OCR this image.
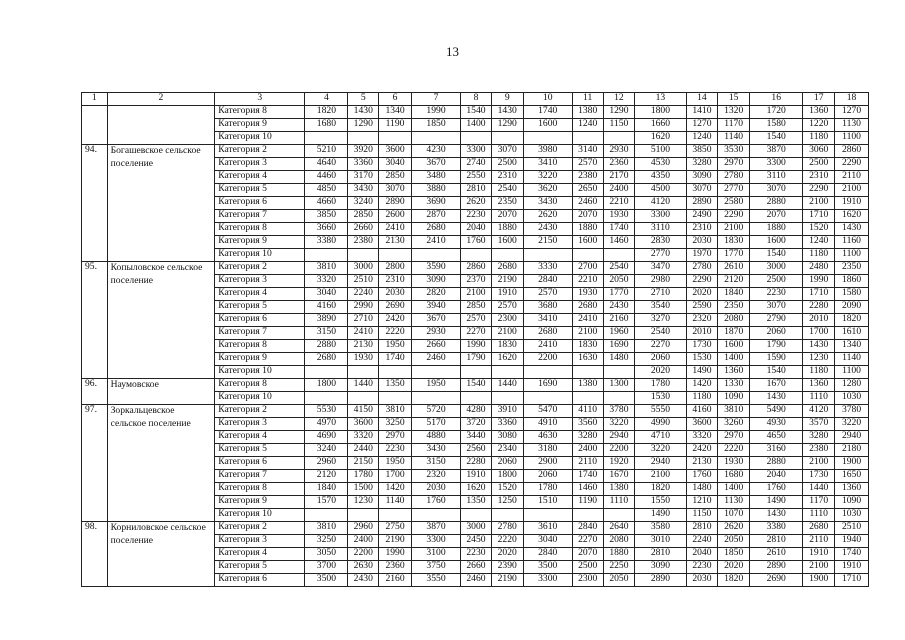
13
1	2	3	4	5	6	7	8	9	10	11	12	13	14	15	16	17	18
		Категория 8	1820	1430	1340	1990	1540	1430	1740	1380	1290	1800	1410	1320	1720	1360	1270
		Категория 9	1680	1290	1190	1850	1400	1290	1600	1240	1150	1660	1270	1170	1580	1220	1130
		Категория 10										1620	1240	1140	1540	1180	1100
94.	Богашевское сельское поселение	Категория 2	5210	3920	3600	4230	3300	3070	3980	3140	2930	5100	3850	3530	3870	3060	2860
		Категория 3	4640	3360	3040	3670	2740	2500	3410	2570	2360	4530	3280	2970	3300	2500	2290
		Категория 4	4460	3170	2850	3480	2550	2310	3220	2380	2170	4350	3090	2780	3110	2310	2110
		Категория 5	4850	3430	3070	3880	2810	2540	3620	2650	2400	4500	3070	2770	3070	2290	2100
		Категория 6	4660	3240	2890	3690	2620	2350	3430	2460	2210	4120	2890	2580	2880	2100	1910
		Категория 7	3850	2850	2600	2870	2230	2070	2620	2070	1930	3300	2490	2290	2070	1710	1620
		Категория 8	3660	2660	2410	2680	2040	1880	2430	1880	1740	3110	2310	2100	1880	1520	1430
		Категория 9	3380	2380	2130	2410	1760	1600	2150	1600	1460	2830	2030	1830	1600	1240	1160
		Категория 10										2770	1970	1770	1540	1180	1100
95.	Копыловское сельское поселение	Категория 2	3810	3000	2800	3590	2860	2680	3330	2700	2540	3470	2780	2610	3000	2480	2350
		Категория 3	3320	2510	2310	3090	2370	2190	2840	2210	2050	2980	2290	2120	2500	1990	1860
		Категория 4	3040	2240	2030	2820	2100	1910	2570	1930	1770	2710	2020	1840	2230	1710	1580
		Категория 5	4160	2990	2690	3940	2850	2570	3680	2680	2430	3540	2590	2350	3070	2280	2090
		Категория 6	3890	2710	2420	3670	2570	2300	3410	2410	2160	3270	2320	2080	2790	2010	1820
		Категория 7	3150	2410	2220	2930	2270	2100	2680	2100	1960	2540	2010	1870	2060	1700	1610
		Категория 8	2880	2130	1950	2660	1990	1830	2410	1830	1690	2270	1730	1600	1790	1430	1340
		Категория 9	2680	1930	1740	2460	1790	1620	2200	1630	1480	2060	1530	1400	1590	1230	1140
		Категория 10										2020	1490	1360	1540	1180	1100
96.	Наумовское	Категория 8	1800	1440	1350	1950	1540	1440	1690	1380	1300	1780	1420	1330	1670	1360	1280
		Категория 10										1530	1180	1090	1430	1110	1030
97.	Зоркальцевское сельское поселение	Категория 2	5530	4150	3810	5720	4280	3910	5470	4110	3780	5550	4160	3810	5490	4120	3780
		Категория 3	4970	3600	3250	5170	3720	3360	4910	3560	3220	4990	3600	3260	4930	3570	3220
		Категория 4	4690	3320	2970	4880	3440	3080	4630	3280	2940	4710	3320	2970	4650	3280	2940
		Категория 5	3240	2440	2230	3430	2560	2340	3180	2400	2200	3220	2420	2220	3160	2380	2180
		Категория 6	2960	2150	1950	3150	2280	2060	2900	2110	1920	2940	2130	1930	2880	2100	1900
		Категория 7	2120	1780	1700	2320	1910	1800	2060	1740	1670	2100	1760	1680	2040	1730	1650
		Категория 8	1840	1500	1420	2030	1620	1520	1780	1460	1380	1820	1480	1400	1760	1440	1360
		Категория 9	1570	1230	1140	1760	1350	1250	1510	1190	1110	1550	1210	1130	1490	1170	1090
		Категория 10										1490	1150	1070	1430	1110	1030
98.	Корниловское сельское поселение	Категория 2	3810	2960	2750	3870	3000	2780	3610	2840	2640	3580	2810	2620	3380	2680	2510
		Категория 3	3250	2400	2190	3300	2450	2220	3040	2270	2080	3010	2240	2050	2810	2110	1940
		Категория 4	3050	2200	1990	3100	2230	2020	2840	2070	1880	2810	2040	1850	2610	1910	1740
		Категория 5	3700	2630	2360	3750	2660	2390	3500	2500	2250	3090	2230	2020	2890	2100	1910
		Категория 6	3500	2430	2160	3550	2460	2190	3300	2300	2050	2890	2030	1820	2690	1900	1710
